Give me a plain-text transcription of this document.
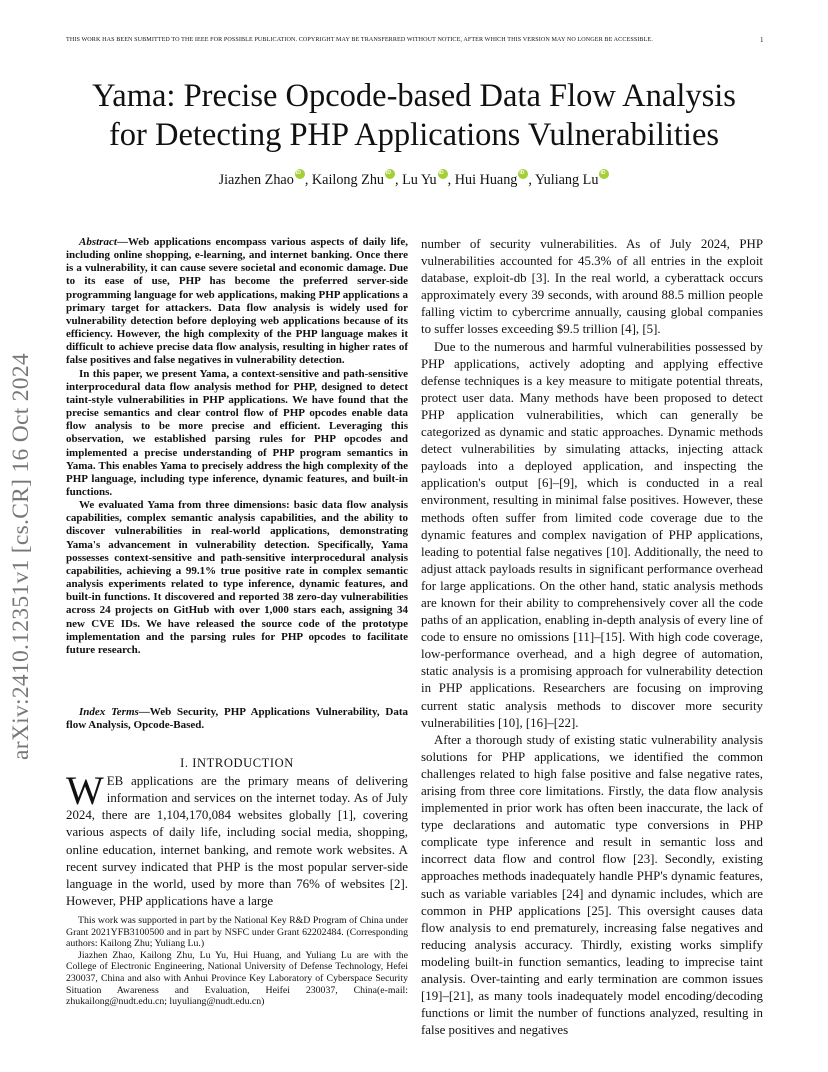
THIS WORK HAS BEEN SUBMITTED TO THE IEEE FOR POSSIBLE PUBLICATION. COPYRIGHT MAY BE TRANSFERRED WITHOUT NOTICE, AFTER WHICH THIS VERSION MAY NO LONGER BE ACCESSIBLE.	1
arXiv:2410.12351v1 [cs.CR] 16 Oct 2024
Yama: Precise Opcode-based Data Flow Analysis
for Detecting PHP Applications Vulnerabilities
Jiazhen Zhao iD , Kailong Zhu iD , Lu Yu iD , Hui Huang iD , Yuliang LuiD

Abstract—Web applications encompass various aspects of daily life, including online shopping, e-learning, and internet banking. Once there is a vulnerability, it can cause severe societal and economic damage. Due to its ease of use, PHP has become the preferred server-side programming language for web applications, making PHP applications a primary target for attackers. Data flow analysis is widely used for vulnerability detection before deploying web applications because of its efficiency. However, the high complexity of the PHP language makes it difficult to achieve precise data flow analysis, resulting in higher rates of false positives and false negatives in vulnerability detection.

In this paper, we present Yama, a context-sensitive and path-sensitive interprocedural data flow analysis method for PHP, designed to detect taint-style vulnerabilities in PHP applications. We have found that the precise semantics and clear control flow of PHP opcodes enable data flow analysis to be more precise and efficient. Leveraging this observation, we established parsing rules for PHP opcodes and implemented a precise understanding of PHP program semantics in Yama. This enables Yama to precisely address the high complexity of the PHP language, including type inference, dynamic features, and built-in functions.

We evaluated Yama from three dimensions: basic data flow analysis capabilities, complex semantic analysis capabilities, and the ability to discover vulnerabilities in real-world applications, demonstrating Yama's advancement in vulnerability detection. Specifically, Yama possesses context-sensitive and path-sensitive interprocedural analysis capabilities, achieving a 99.1% true positive rate in complex semantic analysis experiments related to type inference, dynamic features, and built-in functions. It discovered and reported 38 zero-day vulnerabilities across 24 projects on GitHub with over 1,000 stars each, assigning 34 new CVE IDs. We have released the source code of the prototype implementation and the parsing rules for PHP opcodes to facilitate future research.

Index Terms—Web Security, PHP Applications Vulnerability, Data flow Analysis, Opcode-Based.

I. INTRODUCTION

WEB applications are the primary means of delivering information and services on the internet today. As of July 2024, there are 1,104,170,084 websites globally [1], covering various aspects of daily life, including social media, shopping, online education, internet banking, and remote work websites. A recent survey indicated that PHP is the most popular server-side language in the world, used by more than 76% of websites [2]. However, PHP applications have a large

This work was supported in part by the National Key R&D Program of China under Grant 2021YFB3100500 and in part by NSFC under Grant 62202484. (Corresponding authors: Kailong Zhu; Yuliang Lu.)

Jiazhen Zhao, Kailong Zhu, Lu Yu, Hui Huang, and Yuliang Lu are with the College of Electronic Engineering, National University of Defense Technology, Hefei 230037, China and also with Anhui Province Key Laboratory of Cyberspace Security Situation Awareness and Evaluation, Heifei 230037, China(e-mail: zhukailong@nudt.edu.cn; luyuliang@nudt.edu.cn)

number of security vulnerabilities. As of July 2024, PHP vulnerabilities accounted for 45.3% of all entries in the exploit database, exploit-db [3]. In the real world, a cyberattack occurs approximately every 39 seconds, with around 88.5 million people falling victim to cybercrime annually, causing global companies to suffer losses exceeding $9.5 trillion [4], [5].

Due to the numerous and harmful vulnerabilities possessed by PHP applications, actively adopting and applying effective defense techniques is a key measure to mitigate potential threats, protect user data. Many methods have been proposed to detect PHP application vulnerabilities, which can generally be categorized as dynamic and static approaches. Dynamic methods detect vulnerabilities by simulating attacks, injecting attack payloads into a deployed application, and inspecting the application's output [6]–[9], which is conducted in a real environment, resulting in minimal false positives. However, these methods often suffer from limited code coverage due to the dynamic features and complex navigation of PHP applications, leading to potential false negatives [10]. Additionally, the need to adjust attack payloads results in significant performance overhead for large applications. On the other hand, static analysis methods are known for their ability to comprehensively cover all the code paths of an application, enabling in-depth analysis of every line of code to ensure no omissions [11]–[15]. With high code coverage, low-performance overhead, and a high degree of automation, static analysis is a promising approach for vulnerability detection in PHP applications. Researchers are focusing on improving current static analysis methods to discover more security vulnerabilities [10], [16]–[22].

After a thorough study of existing static vulnerability analysis solutions for PHP applications, we identified the common challenges related to high false positive and false negative rates, arising from three core limitations. Firstly, the data flow analysis implemented in prior work has often been inaccurate, the lack of type declarations and automatic type conversions in PHP complicate type inference and result in semantic loss and incorrect data flow and control flow [23]. Secondly, existing approaches methods inadequately handle PHP's dynamic features, such as variable variables [24] and dynamic includes, which are common in PHP applications [25]. This oversight causes data flow analysis to end prematurely, increasing false negatives and reducing analysis accuracy. Thirdly, existing works simplify modeling built-in function semantics, leading to imprecise taint analysis. Over-tainting and early termination are common issues [19]–[21], as many tools inadequately model encoding/decoding functions or limit the number of functions analyzed, resulting in false positives and negatives
